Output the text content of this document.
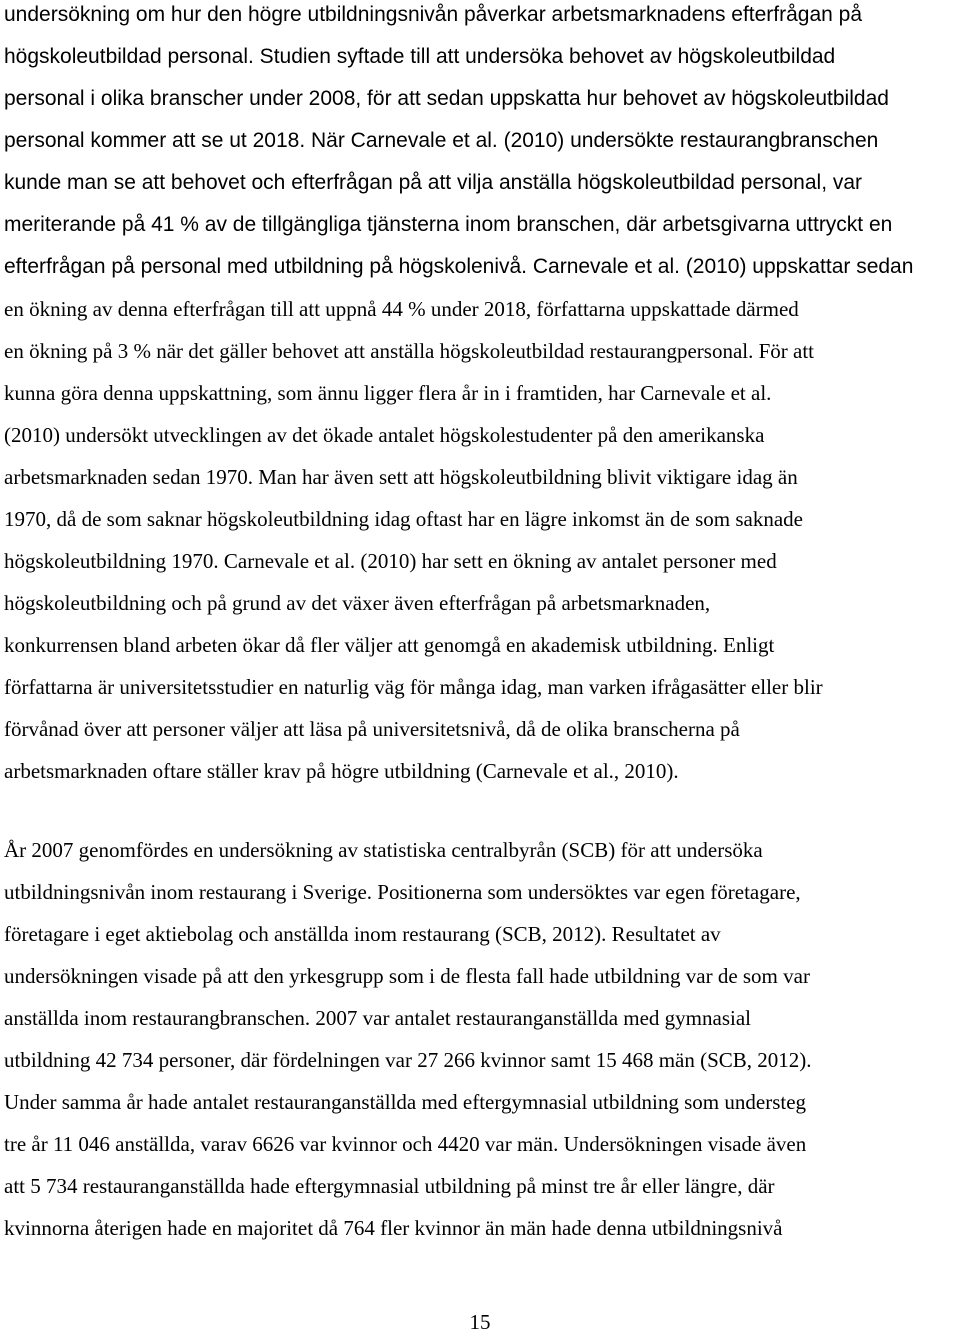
undersökning om hur den högre utbildningsnivån påverkar arbetsmarknadens efterfrågan på
högskoleutbildad personal. Studien syftade till att undersöka behovet av högskoleutbildad
personal i olika branscher under 2008, för att sedan uppskatta hur behovet av högskoleutbildad
personal kommer att se ut 2018. När Carnevale et al. (2010) undersökte restaurangbranschen
kunde man se att behovet och efterfrågan på att vilja anställa högskoleutbildad personal, var
meriterande på 41 % av de tillgängliga tjänsterna inom branschen, där arbetsgivarna uttryckt en
efterfrågan på personal med utbildning på högskolenivå. Carnevale et al. (2010) uppskattar sedan
en ökning av denna efterfrågan till att uppnå 44 % under 2018, författarna uppskattade därmed
en ökning på 3 % när det gäller behovet att anställa högskoleutbildad restaurangpersonal. För att
kunna göra denna uppskattning, som ännu ligger flera år in i framtiden, har Carnevale et al.
(2010) undersökt utvecklingen av det ökade antalet högskolestudenter på den amerikanska
arbetsmarknaden sedan 1970. Man har även sett att högskoleutbildning blivit viktigare idag än
1970, då de som saknar högskoleutbildning idag oftast har en lägre inkomst än de som saknade
högskoleutbildning 1970. Carnevale et al. (2010) har sett en ökning av antalet personer med
högskoleutbildning och på grund av det växer även efterfrågan på arbetsmarknaden,
konkurrensen bland arbeten ökar då fler väljer att genomgå en akademisk utbildning. Enligt
författarna är universitetsstudier en naturlig väg för många idag, man varken ifrågasätter eller blir
förvånad över att personer väljer att läsa på universitetsnivå, då de olika branscherna på
arbetsmarknaden oftare ställer krav på högre utbildning (Carnevale et al., 2010).
År 2007 genomfördes en undersökning av statistiska centralbyrån (SCB) för att undersöka
utbildningsnivån inom restaurang i Sverige. Positionerna som undersöktes var egen företagare,
företagare i eget aktiebolag och anställda inom restaurang (SCB, 2012). Resultatet av
undersökningen visade på att den yrkesgrupp som i de flesta fall hade utbildning var de som var
anställda inom restaurangbranschen. 2007 var antalet restauranganställda med gymnasial
utbildning 42 734 personer, där fördelningen var 27 266 kvinnor samt 15 468 män (SCB, 2012).
Under samma år hade antalet restauranganställda med eftergymnasial utbildning som understeg
tre år 11 046 anställda, varav 6626 var kvinnor och 4420 var män. Undersökningen visade även
att 5 734 restauranganställda hade eftergymnasial utbildning på minst tre år eller längre, där
kvinnorna återigen hade en majoritet då 764 fler kvinnor än män hade denna utbildningsnivå
15
